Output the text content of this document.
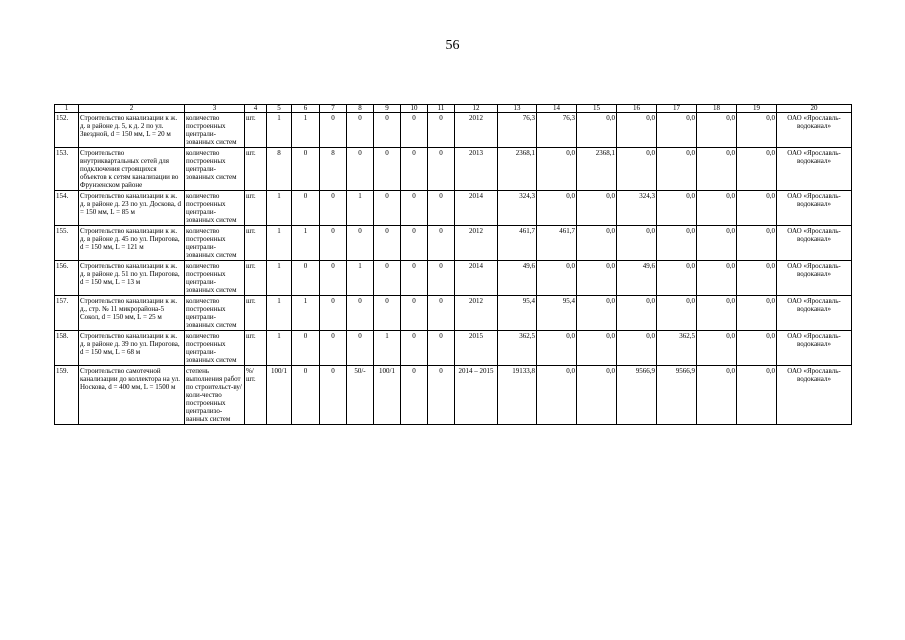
56
1	2	3	4	5	6	7	8	9	10	11	12	13	14	15	16	17	18	19	20
152.	Строительство канализации к ж. д. в районе д. 5, к д. 2 по ул. Звездной, d = 150 мм, L = 20 м	количество построенных централи-зованных систем	шт.	1	1	0	0	0	0	0	2012	76,3	76,3	0,0	0,0	0,0	0,0	0,0	ОАО «Ярославль-водоканал»
153.	Строительство внутриквартальных сетей для подключения строящихся объектов к сетям канализации во Фрунзенском районе	количество построенных централи-зованных систем	шт.	8	0	8	0	0	0	0	2013	2368,1	0,0	2368,1	0,0	0,0	0,0	0,0	ОАО «Ярославль-водоканал»
154.	Строительство канализации к ж. д. в районе д. 23 по ул. Доскова, d = 150 мм, L = 85 м	количество построенных централи-зованных систем	шт.	1	0	0	1	0	0	0	2014	324,3	0,0	0,0	324,3	0,0	0,0	0,0	ОАО «Ярославль-водоканал»
155.	Строительство канализации к ж. д. в районе д. 45 по ул. Пирогова, d = 150 мм, L = 121 м	количество построенных централи-зованных систем	шт.	1	1	0	0	0	0	0	2012	461,7	461,7	0,0	0,0	0,0	0,0	0,0	ОАО «Ярославль-водоканал»
156.	Строительство канализации к ж. д. в районе д. 51 по ул. Пирогова, d = 150 мм, L = 13 м	количество построенных централи-зованных систем	шт.	1	0	0	1	0	0	0	2014	49,6	0,0	0,0	49,6	0,0	0,0	0,0	ОАО «Ярославль-водоканал»
157.	Строительство канализации к ж. д., стр. № 11 микрорайона-5 Сокол, d = 150 мм, L = 25 м	количество построенных централи-зованных систем	шт.	1	1	0	0	0	0	0	2012	95,4	95,4	0,0	0,0	0,0	0,0	0,0	ОАО «Ярославль-водоканал»
158.	Строительство канализации к ж. д. в районе д. 39 по ул. Пирогова, d = 150 мм, L = 68 м	количество построенных централи-зованных систем	шт.	1	0	0	0	1	0	0	2015	362,5	0,0	0,0	0,0	362,5	0,0	0,0	ОАО «Ярославль-водоканал»
159.	Строительство самотечной канализации до коллектора на ул. Носкова, d = 400 мм, L = 1500 м	степень выполнения работ по строительст-ву/ коли-чество построенных централизо-ванных систем	%/ шт.	100/1	0	0	50/-	100/1	0	0	2014 – 2015	19133,8	0,0	0,0	9566,9	9566,9	0,0	0,0	ОАО «Ярославль-водоканал»
